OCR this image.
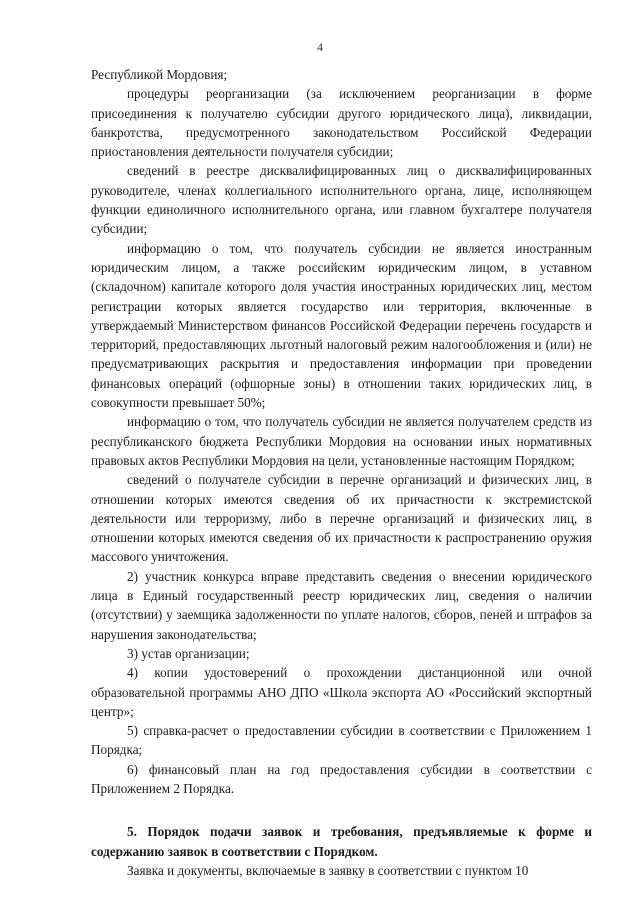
4

Республикой Мордовия;

процедуры реорганизации (за исключением реорганизации в форме присоединения к получателю субсидии другого юридического лица), ликвидации, банкротства, предусмотренного законодательством Российской Федерации приостановления деятельности получателя субсидии;

сведений в реестре дисквалифицированных лиц о дисквалифицированных руководителе, членах коллегиального исполнительного органа, лице, исполняющем функции единоличного исполнительного органа, или главном бухгалтере получателя субсидии;

информацию о том, что получатель субсидии не является иностранным юридическим лицом, а также российским юридическим лицом, в уставном (складочном) капитале которого доля участия иностранных юридических лиц, местом регистрации которых является государство или территория, включенные в утверждаемый Министерством финансов Российской Федерации перечень государств и территорий, предоставляющих льготный налоговый режим налогообложения и (или) не предусматривающих раскрытия и предоставления информации при проведении финансовых операций (офшорные зоны) в отношении таких юридических лиц, в совокупности превышает 50%;

информацию о том, что получатель субсидии не является получателем средств из республиканского бюджета Республики Мордовия на основании иных нормативных правовых актов Республики Мордовия на цели, установленные настоящим Порядком;

сведений о получателе субсидии в перечне организаций и физических лиц, в отношении которых имеются сведения об их причастности к экстремистской деятельности или терроризму, либо в перечне организаций и физических лиц, в отношении которых имеются сведения об их причастности к распространению оружия массового уничтожения.

2) участник конкурса вправе представить сведения о внесении юридического лица в Единый государственный реестр юридических лиц, сведения о наличии (отсутствии) у заемщика задолженности по уплате налогов, сборов, пеней и штрафов за нарушения законодательства;

3) устав организации;

4) копии удостоверений о прохождении дистанционной или очной образовательной программы АНО ДПО «Школа экспорта АО «Российский экспортный центр»;

5) справка-расчет о предоставлении субсидии в соответствии с Приложением 1 Порядка;

6) финансовый план на год предоставления субсидии в соответствии с Приложением 2 Порядка.

5. Порядок подачи заявок и требования, предъявляемые к форме и содержанию заявок в соответствии с Порядком.

Заявка и документы, включаемые в заявку в соответствии с пунктом 10
